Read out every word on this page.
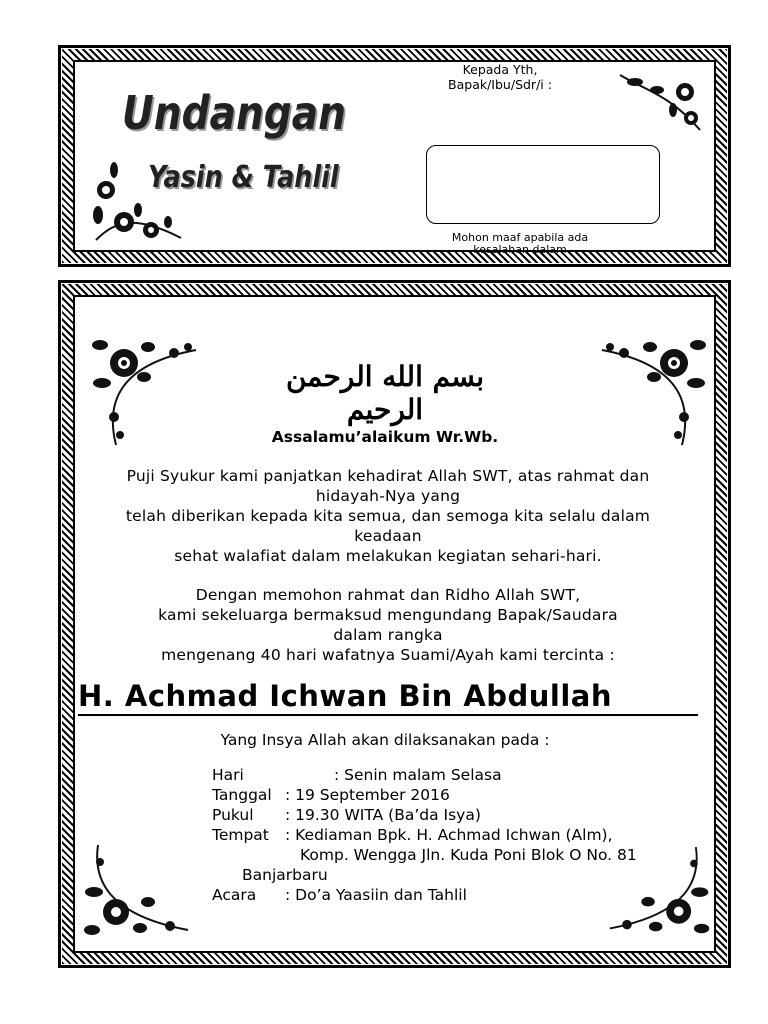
Undangan
Yasin & Tahlil
Kepada Yth,
Bapak/Ibu/Sdr/i :
Mohon maaf apabila ada
kesalahan dalam
بسم الله الرحمن الرحيم
Assalamu’alaikum Wr.Wb.
Puji Syukur kami panjatkan kehadirat Allah SWT, atas rahmat dan
hidayah-Nya yang
telah diberikan kepada kita semua, dan semoga kita selalu dalam
keadaan
sehat walafiat dalam melakukan kegiatan sehari-hari.
Dengan memohon rahmat dan Ridho Allah SWT,
kami sekeluarga bermaksud mengundang Bapak/Saudara
dalam rangka
mengenang 40 hari wafatnya Suami/Ayah kami tercinta :
H. Achmad Ichwan Bin Abdullah
Yang Insya Allah akan dilaksanakan pada :
Hari	: Senin malam Selasa
Tanggal : 19 September 2016
Pukul : 19.30 WITA (Ba’da Isya)
Tempat : Kediaman Bpk. H. Achmad Ichwan (Alm),
Komp. Wengga Jln. Kuda Poni Blok O No. 81
Banjarbaru
Acara : Do’a Yaasiin dan Tahlil
